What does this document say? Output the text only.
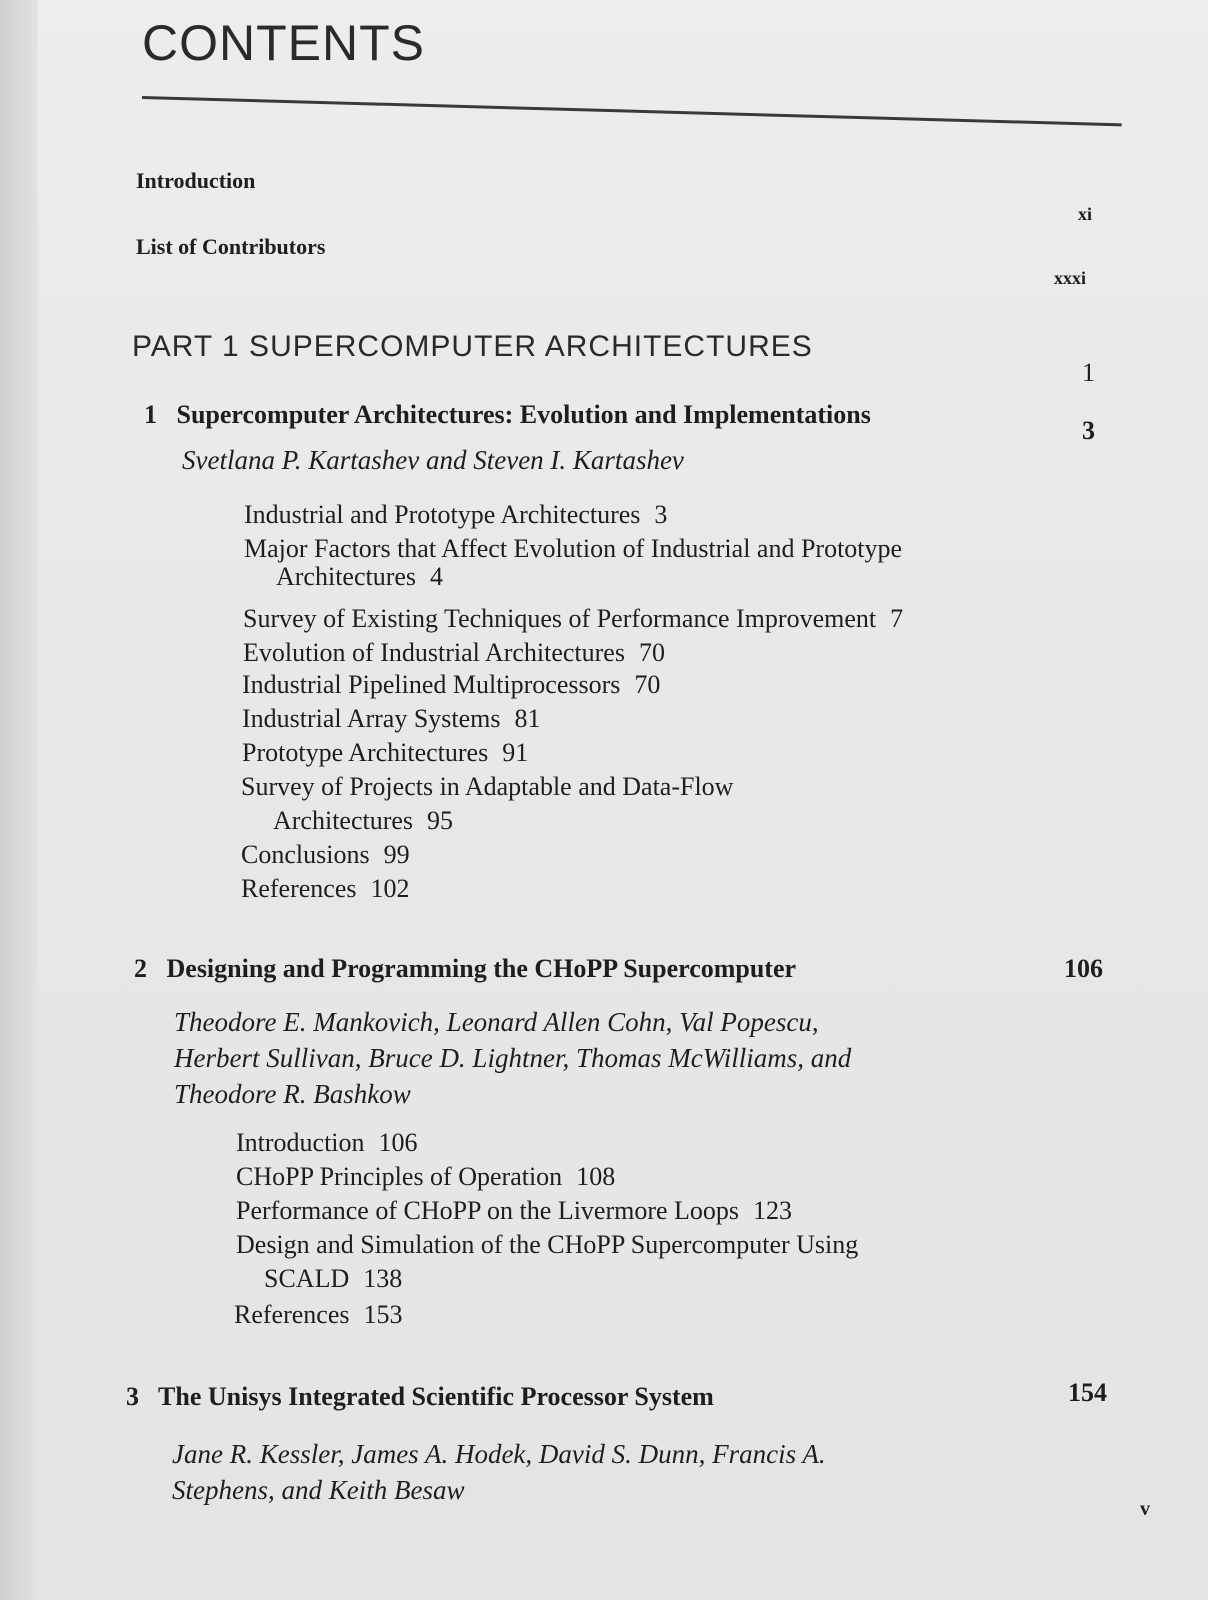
CONTENTS
Introduction
xi
List of Contributors
xxxi
PART 1 SUPERCOMPUTER ARCHITECTURES
1
1 Supercomputer Architectures: Evolution and Implementations
3
Svetlana P. Kartashev and Steven I. Kartashev
Industrial and Prototype Architectures 3
Major Factors that Affect Evolution of Industrial and Prototype
Architectures 4
Survey of Existing Techniques of Performance Improvement 7
Evolution of Industrial Architectures 70
Industrial Pipelined Multiprocessors 70
Industrial Array Systems 81
Prototype Architectures 91
Survey of Projects in Adaptable and Data-Flow
Architectures 95
Conclusions 99
References 102
2 Designing and Programming the CHoPP Supercomputer	106
Theodore E. Mankovich, Leonard Allen Cohn, Val Popescu,
Herbert Sullivan, Bruce D. Lightner, Thomas McWilliams, and
Theodore R. Bashkow
Introduction 106
CHoPP Principles of Operation 108
Performance of CHoPP on the Livermore Loops 123
Design and Simulation of the CHoPP Supercomputer Using
SCALD 138
References 153
3 The Unisys Integrated Scientific Processor System	154
Jane R. Kessler, James A. Hodek, David S. Dunn, Francis A.
Stephens, and Keith Besaw
v
